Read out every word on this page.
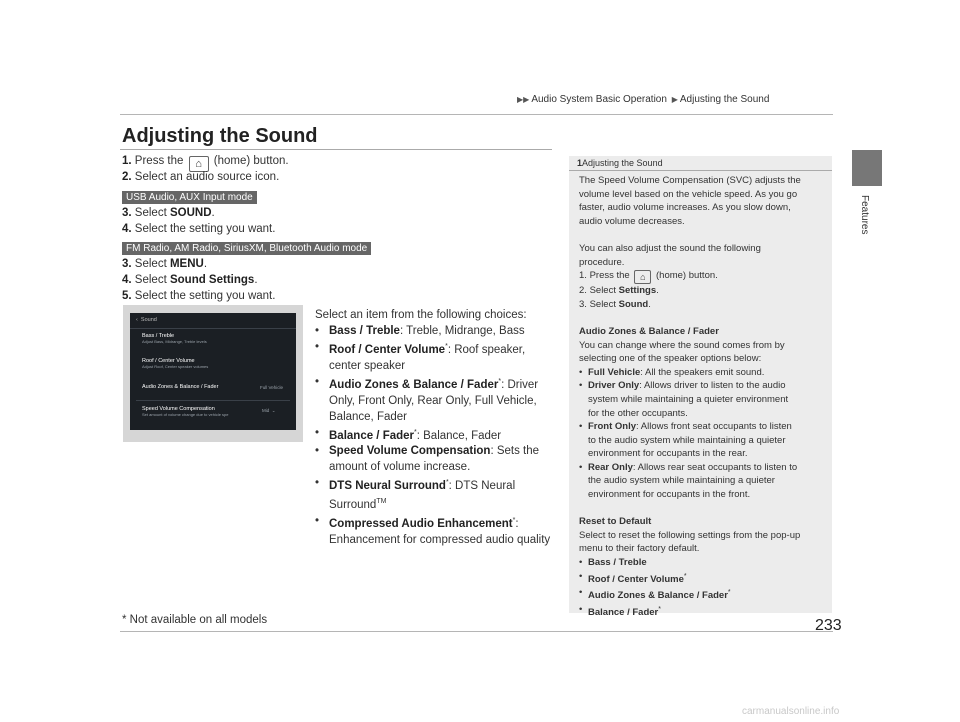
▶▶ Audio System Basic Operation ▶ Adjusting the Sound
Features
Adjusting the Sound
1. Press the ⌂ (home) button.
2. Select an audio source icon.
USB Audio, AUX Input mode
3. Select SOUND.
4. Select the setting you want.
FM Radio, AM Radio, SiriusXM, Bluetooth Audio mode
3. Select MENU.
4. Select Sound Settings.
5. Select the setting you want.
‹ Sound
Bass / Treble
Adjust Bass, Midrange, Treble levels
Roof / Center Volume
Adjust Roof, Center speaker volumes
Audio Zones & Balance / Fader	Full Vehicle
Speed Volume Compensation
Set amount of volume change due to vehicle spe
Mid ⌄
Select an item from the following choices:
• Bass / Treble: Treble, Midrange, Bass
• Roof / Center Volume*: Roof speaker,
center speaker
• Audio Zones & Balance / Fader*: Driver
Only, Front Only, Rear Only, Full Vehicle,
Balance, Fader
• Balance / Fader*: Balance, Fader
• Speed Volume Compensation: Sets the
amount of volume increase.
• DTS Neural Surround*: DTS Neural
Surround™
• Compressed Audio Enhancement*:
Enhancement for compressed audio quality
1Adjusting the Sound

The Speed Volume Compensation (SVC) adjusts the
volume level based on the vehicle speed. As you go
faster, audio volume increases. As you slow down,
audio volume decreases.

You can also adjust the sound the following
procedure.

1. Press the ⌂ (home) button.

2. Select Settings.

3. Select Sound.

Audio Zones & Balance / Fader

You can change where the sound comes from by
selecting one of the speaker options below:

• Full Vehicle: All the speakers emit sound.
• Driver Only: Allows driver to listen to the audio
system while maintaining a quieter environment
for the other occupants.
• Front Only: Allows front seat occupants to listen
to the audio system while maintaining a quieter
environment for occupants in the rear.
• Rear Only: Allows rear seat occupants to listen to
the audio system while maintaining a quieter
environment for occupants in the front.

Reset to Default

Select to reset the following settings from the pop-up
menu to their factory default.

• Bass / Treble
• Roof / Center Volume*
• Audio Zones & Balance / Fader*
• Balance / Fader*
* Not available on all models	233
carmanualsonline.info
